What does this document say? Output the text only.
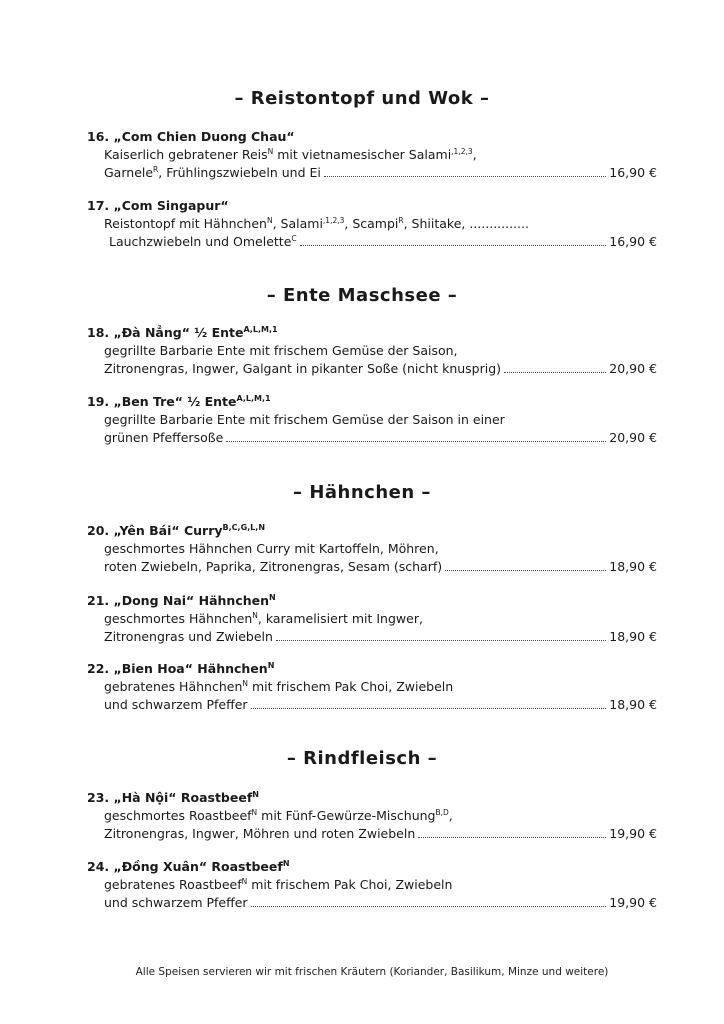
– Reistontopf und Wok –
– Ente Maschsee –
– Hähnchen –
– Rindfleisch –
16. „Com Chien Duong Chau“
Kaiserlich gebratener Reis$^N$ mit vietnamesischer Salami$^{,1,2,3}$,
Garnele$^R$, Frühlingszwiebeln und Ei	16,90 €
17. „Com Singapur“
Reistontopf mit Hähnchen$^N$, Salami$^{,1,2,3}$, Scampi$^R$, Shiitake, ...............
Lauchzwiebeln und Omelette$^C$	16,90 €
18. „Đà Nẳng“ ½ Ente$^{A,L,M,1}$
gegrillte Barbarie Ente mit frischem Gemüse der Saison,
Zitronengras, Ingwer, Galgant in pikanter Soße (nicht knusprig)	20,90 €
19. „Ben Tre“ ½ Ente$^{A,L,M,1}$
gegrillte Barbarie Ente mit frischem Gemüse der Saison in einer
grünen Pfeffersoße	20,90 €
20. „Yên Bái“ Curry$^{B,C,G,L,N}$
geschmortes Hähnchen Curry mit Kartoffeln, Möhren,
roten Zwiebeln, Paprika, Zitronengras, Sesam (scharf)	18,90 €
21. „Dong Nai“ Hähnchen$^N$
geschmortes Hähnchen$^N$, karamelisiert mit Ingwer,
Zitronengras und Zwiebeln	18,90 €
22. „Bien Hoa“ Hähnchen$^N$
gebratenes Hähnchen$^N$ mit frischem Pak Choi, Zwiebeln
und schwarzem Pfeffer	18,90 €
23. „Hà Nội“ Roastbeef$^N$
geschmortes Roastbeef$^N$ mit Fünf-Gewürze-Mischung$^{B,D}$,
Zitronengras, Ingwer, Möhren und roten Zwiebeln	19,90 €
24. „Đồng Xuân“ Roastbeef$^N$
gebratenes Roastbeef$^N$ mit frischem Pak Choi, Zwiebeln
und schwarzem Pfeffer	19,90 €
Alle Speisen servieren wir mit frischen Kräutern (Koriander, Basilikum, Minze und weitere)
